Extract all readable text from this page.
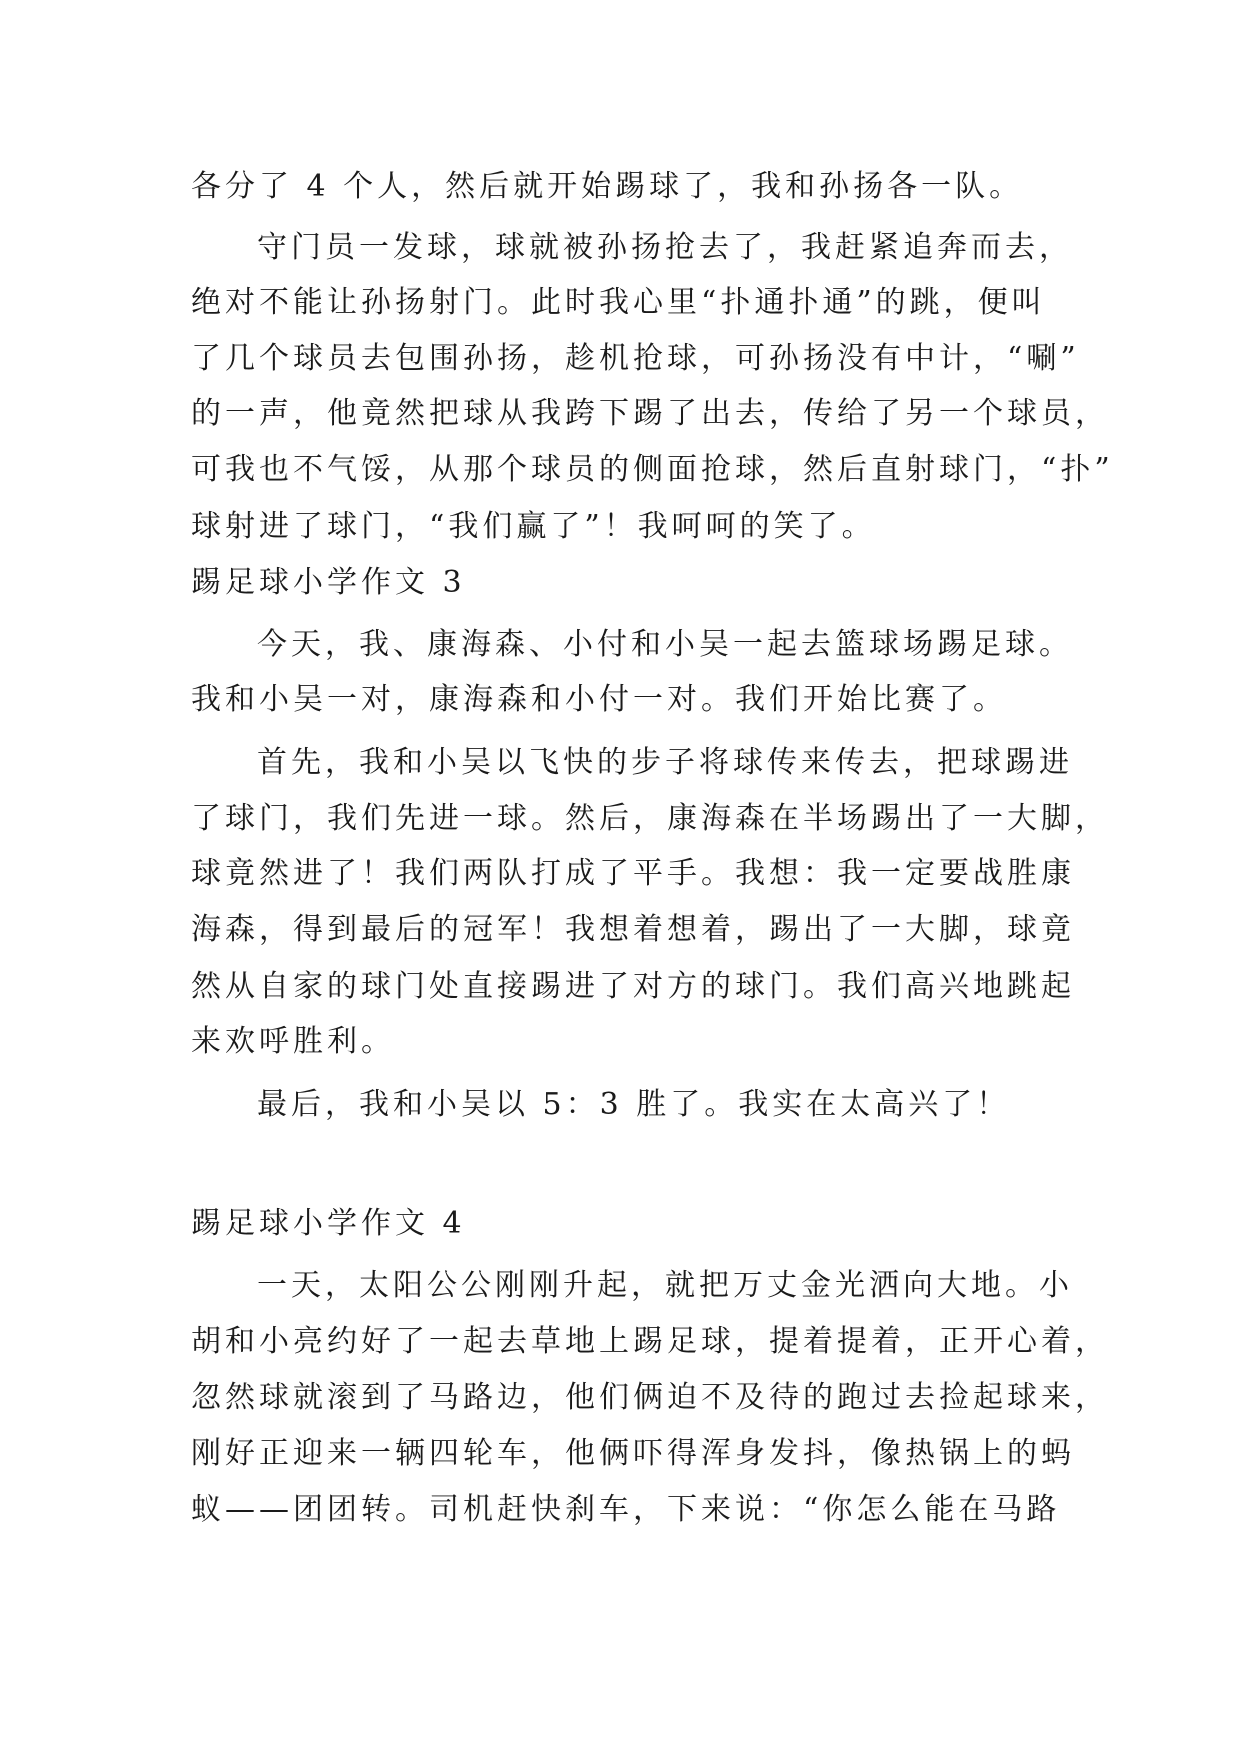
各分了 4 个人，然后就开始踢球了，我和孙扬各一队。
守门员一发球，球就被孙扬抢去了，我赶紧追奔而去，
绝对不能让孙扬射门。此时我心里“扑通扑通”的跳，便叫
了几个球员去包围孙扬，趁机抢球，可孙扬没有中计，“唰”
的一声，他竟然把球从我跨下踢了出去，传给了另一个球员，
可我也不气馁，从那个球员的侧面抢球，然后直射球门，“扑”
球射进了球门，“我们赢了”！我呵呵的笑了。
踢足球小学作文 3
今天，我、康海森、小付和小吴一起去篮球场踢足球。
我和小吴一对，康海森和小付一对。我们开始比赛了。
首先，我和小吴以飞快的步子将球传来传去，把球踢进
了球门，我们先进一球。然后，康海森在半场踢出了一大脚，
球竟然进了！我们两队打成了平手。我想：我一定要战胜康
海森，得到最后的冠军！我想着想着，踢出了一大脚，球竟
然从自家的球门处直接踢进了对方的球门。我们高兴地跳起
来欢呼胜利。
最后，我和小吴以 5：3 胜了。我实在太高兴了！
踢足球小学作文 4
一天，太阳公公刚刚升起，就把万丈金光洒向大地。小
胡和小亮约好了一起去草地上踢足球，提着提着，正开心着，
忽然球就滚到了马路边，他们俩迫不及待的跑过去捡起球来，
刚好正迎来一辆四轮车，他俩吓得浑身发抖，像热锅上的蚂
蚁——团团转。司机赶快刹车，下来说：“你怎么能在马路
